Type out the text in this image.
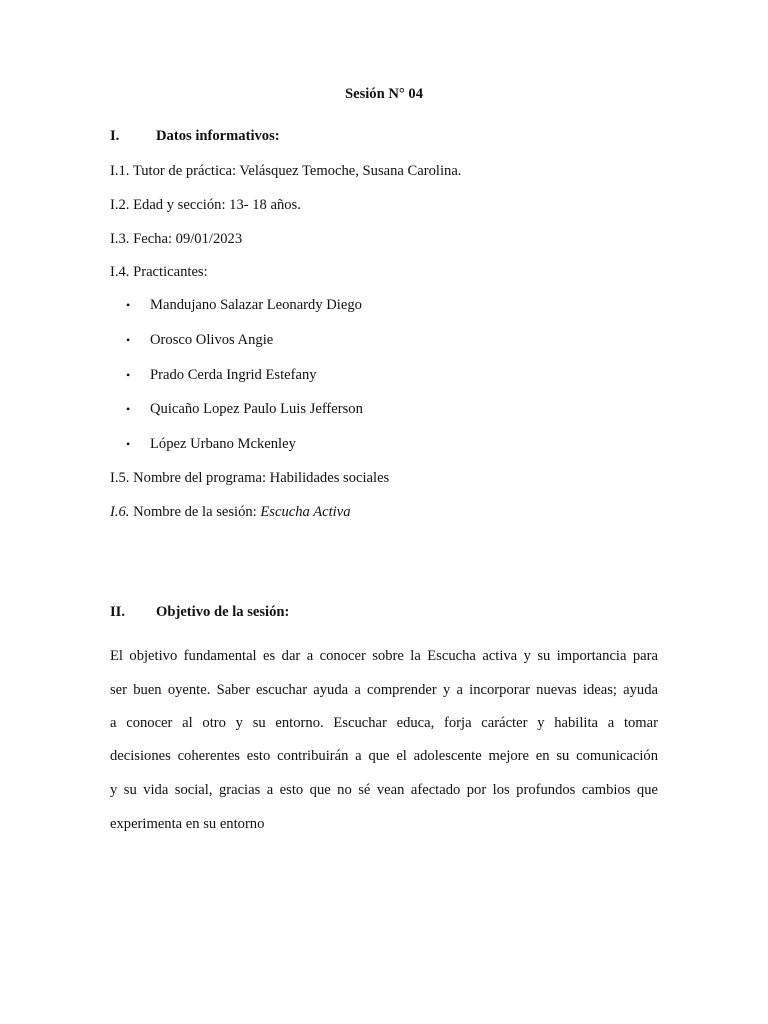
Sesión N° 04
I.	Datos informativos:
I.1. Tutor de práctica: Velásquez Temoche, Susana Carolina.
I.2. Edad y sección: 13- 18 años.
I.3. Fecha: 09/01/2023
I.4. Practicantes:
• Mandujano Salazar Leonardy Diego
• Orosco Olivos Angie
• Prado Cerda Ingrid Estefany
• Quicaño Lopez Paulo Luis Jefferson
• López Urbano Mckenley
I.5. Nombre del programa: Habilidades sociales
I.6. Nombre de la sesión: Escucha Activa
II. Objetivo de la sesión:
El objetivo fundamental es dar a conocer sobre la Escucha activa y su importancia para
ser buen oyente. Saber escuchar ayuda a comprender y a incorporar nuevas ideas; ayuda
a conocer al otro y su entorno. Escuchar educa, forja carácter y habilita a tomar
decisiones coherentes esto contribuirán a que el adolescente mejore en su comunicación
y su vida social, gracias a esto que no sé vean afectado por los profundos cambios que
experimenta en su entorno
